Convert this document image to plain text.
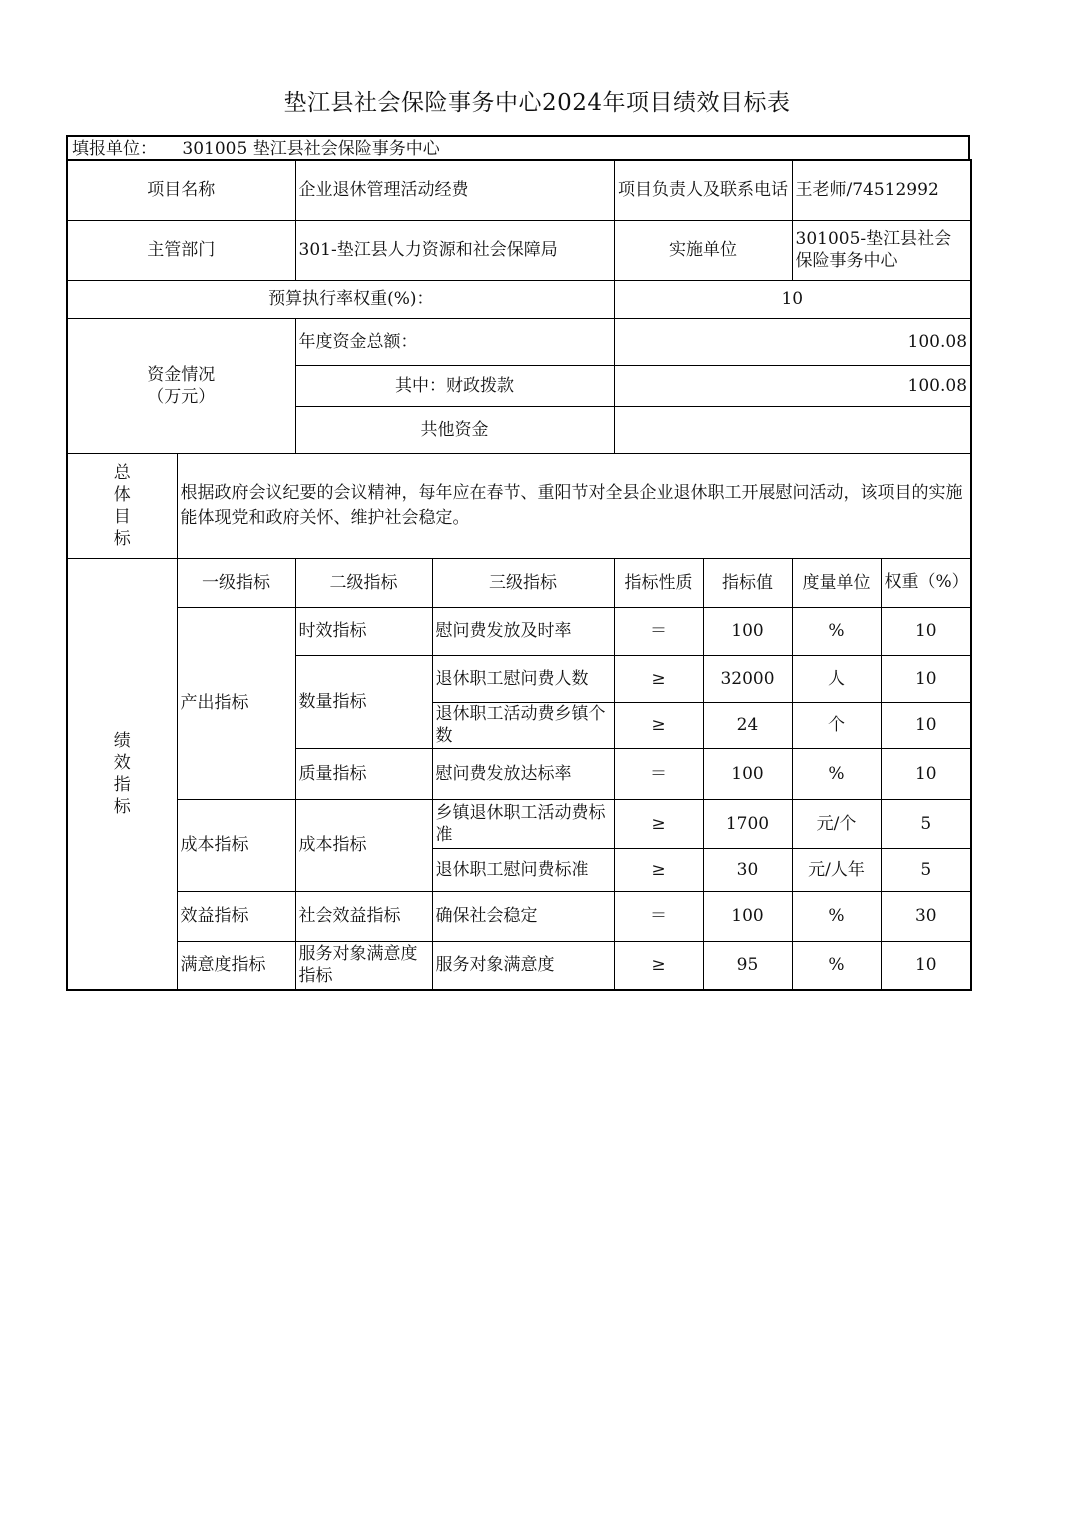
垫江县社会保险事务中心2024年项目绩效目标表
填报单位： 301005 垫江县社会保险事务中心
项目名称		企业退休管理活动经费		项目负责人及联系电话		王老师/74512992	
主管部门		301-垫江县人力资源和社会保障局		实施单位		301005-垫江县社会保险事务中心	
预算执行率权重(%)：				10			

资金情况
（万元）		年度资金总额：		100.08			
		其中：财政拨款		100.08			
		共他资金					

总
体
目
标	根据政府会议纪要的会议精神，每年应在春节、重阳节对全县企业退休职工开展慰问活动，该项目的实施能体现党和政府关怀、维护社会稳定。						

绩
效
指
标	一级指标	二级指标	三级指标	指标性质	指标值	度量单位	权重（%）
	产出指标	时效指标	慰问费发放及时率	＝	100	%	10
		数量指标	退休职工慰问费人数	≥	32000	人	10
			退休职工活动费乡镇个数	≥	24	个	10
		质量指标	慰问费发放达标率	＝	100	%	10
	成本指标	成本指标	乡镇退休职工活动费标准	≥	1700	元/个	5
			退休职工慰问费标准	≥	30	元/人年	5
	效益指标	社会效益指标	确保社会稳定	＝	100	%	30
	满意度指标	服务对象满意度指标	服务对象满意度	≥	95	%	10
